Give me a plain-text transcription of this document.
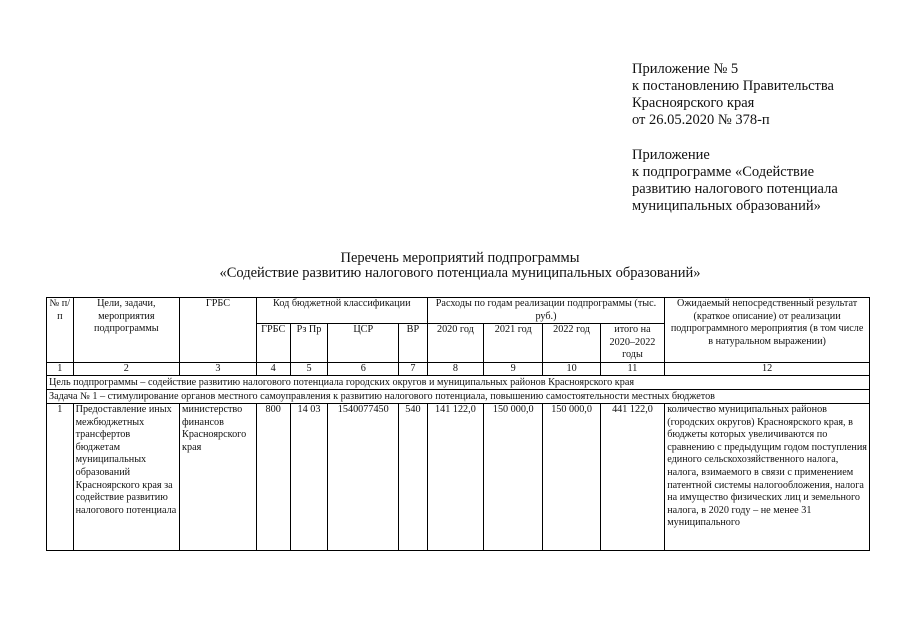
Приложение № 5
к постановлению Правительства
Красноярского края
от 26.05.2020 № 378-п
Приложение
к подпрограмме «Содействие
развитию налогового потенциала
муниципальных образований»
Перечень мероприятий подпрограммы
«Содействие развитию налогового потенциала муниципальных образований»
№ п/п	Цели, задачи, мероприятия подпрограммы	ГРБС	Код бюджетной классификации				Расходы по годам реализации подпрограммы (тыс. руб.)				Ожидаемый непосредственный результат (краткое описание) от реализации подпрограммного мероприятия (в том числе в натуральном выражении)
			ГРБС	Рз Пр	ЦСР	ВР	2020 год	2021 год	2022 год	итого на 2020–2022 годы	
1	2	3	4	5	6	7	8	9	10	11	12
Цель подпрограммы – содействие развитию налогового потенциала городских округов и муниципальных районов Красноярского края											
Задача № 1 – стимулирование органов местного самоуправления к развитию налогового потенциала, повышению самостоятельности местных бюджетов											
1	Предоставление иных межбюджетных трансфертов бюджетам муниципальных образований Красноярского края за содействие развитию налогового потенциала	министерство финансов Красноярского края	800	14 03	1540077450	540	141 122,0	150 000,0	150 000,0	441 122,0	количество муниципальных районов (городских округов) Красноярского края, в бюджеты которых увеличиваются по сравнению с предыдущим годом поступления единого сельскохозяйственного налога, налога, взимаемого в связи с применением патентной системы налогообложения, налога на имущество физических лиц и земельного налога, в 2020 году – не менее 31 муниципального
